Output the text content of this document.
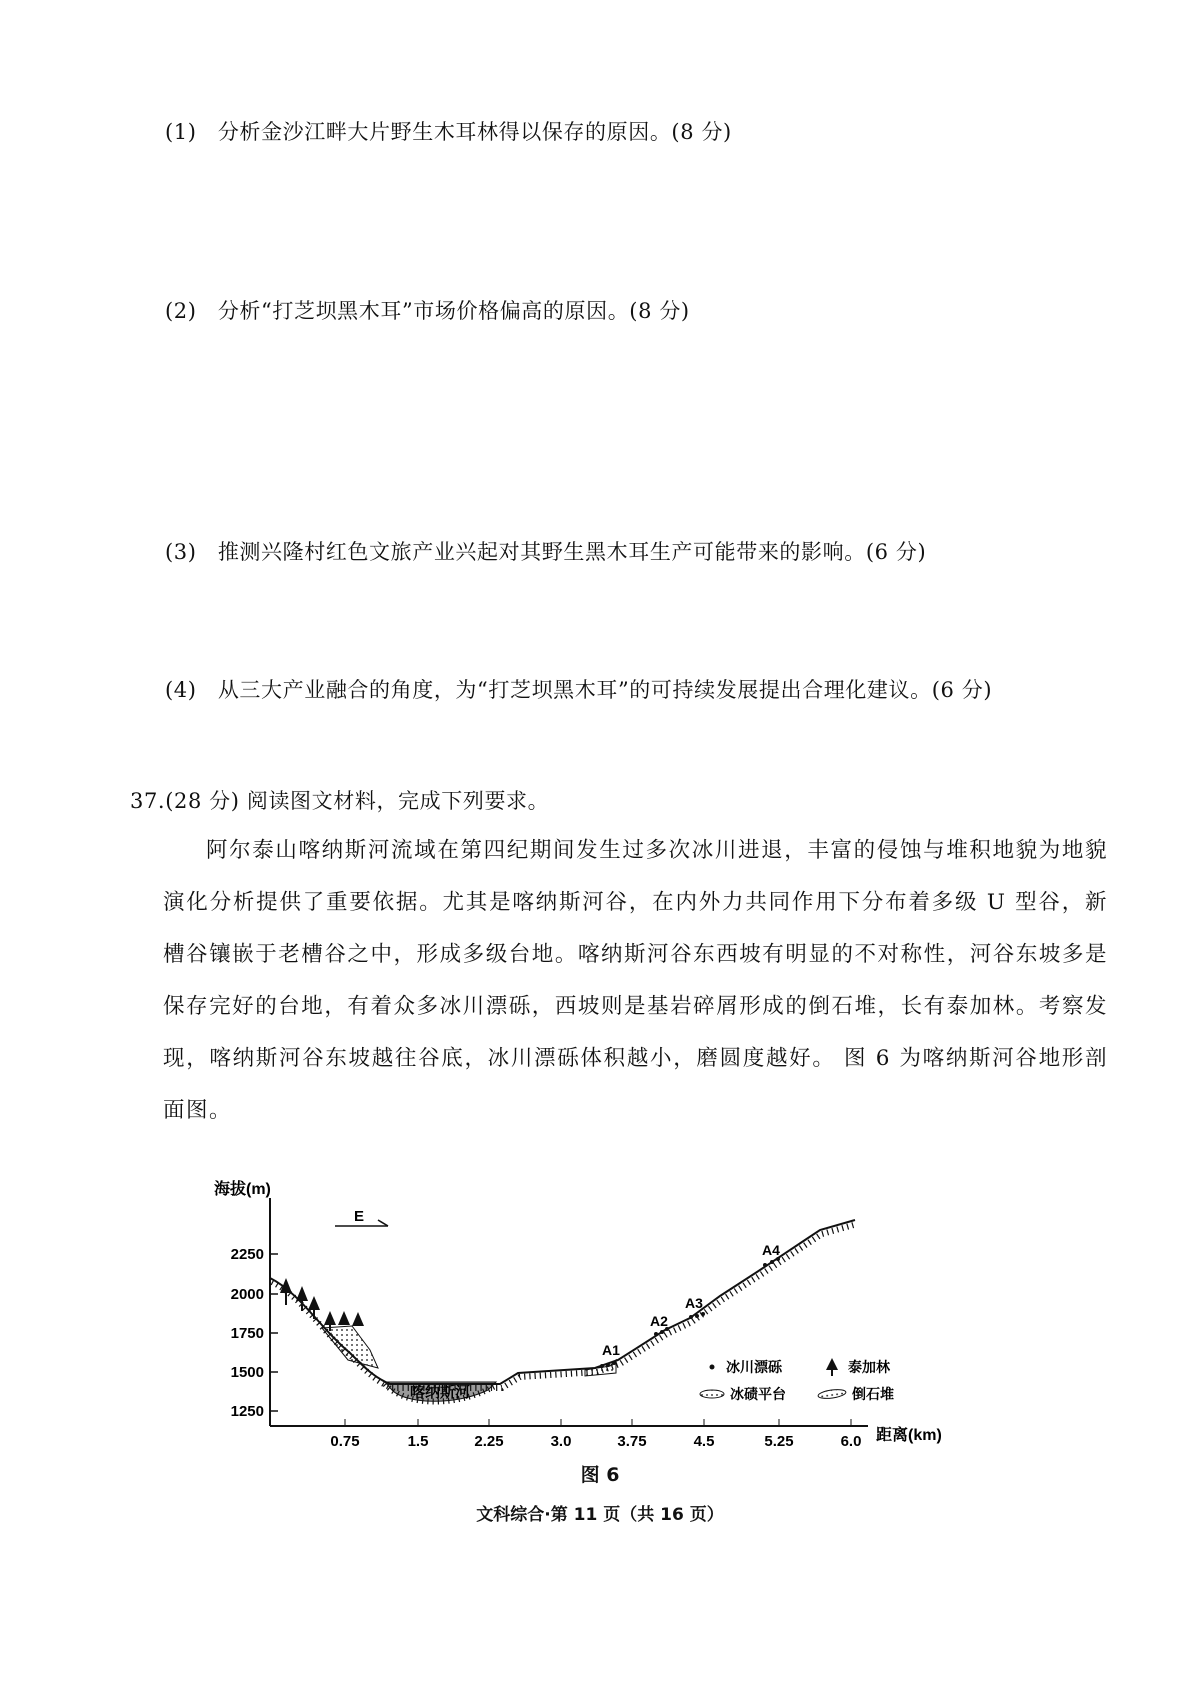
(1) 分析金沙江畔大片野生木耳林得以保存的原因。(8 分)
(2) 分析“打芝坝黑木耳”市场价格偏高的原因。(8 分)
(3) 推测兴隆村红色文旅产业兴起对其野生黑木耳生产可能带来的影响。(6 分)
(4) 从三大产业融合的角度，为“打芝坝黑木耳”的可持续发展提出合理化建议。(6 分)
37.(28 分) 阅读图文材料，完成下列要求。

阿尔泰山喀纳斯河流域在第四纪期间发生过多次冰川进退，丰富的侵蚀与堆积地貌为地貌演化分析提供了重要依据。尤其是喀纳斯河谷，在内外力共同作用下分布着多级 U 型谷，新槽谷镶嵌于老槽谷之中，形成多级台地。喀纳斯河谷东西坡有明显的不对称性，河谷东坡多是保存完好的台地，有着众多冰川漂砾，西坡则是基岩碎屑形成的倒石堆，长有泰加林。考察发现，喀纳斯河谷东坡越往谷底，冰川漂砾体积越小，磨圆度越好。 图 6 为喀纳斯河谷地形剖面图。

海拔(m)
距离(km)
2250
2000
1750
1500
1250
0.75	1.5	2.25	3.0	3.75	4.5	5.25	6.0
E
喀纳斯河
A1
A2
A3
A4
冰川漂砾	泰加林
冰碛平台	倒石堆
图 6
文科综合·第 11 页（共 16 页）
